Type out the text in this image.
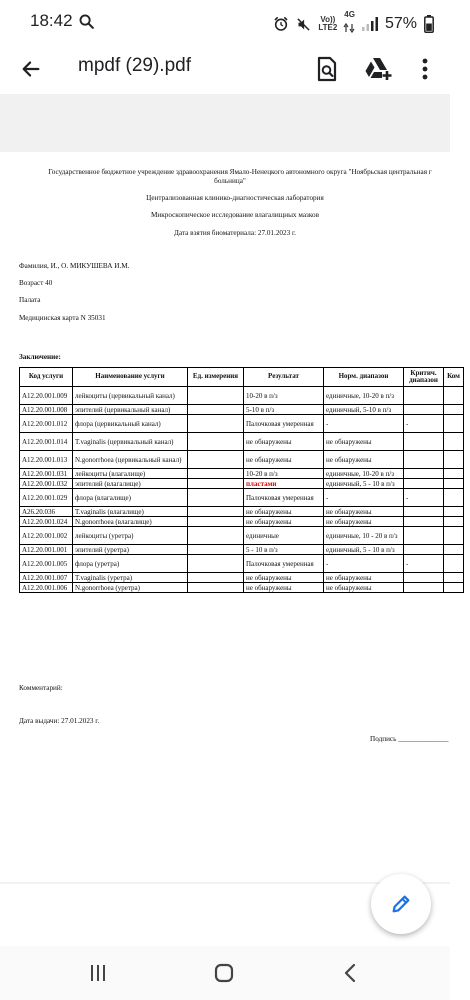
18:42	Vo))
LTE2
4G
57%
mpdf (29).pdf
Государственное бюджетное учреждение здравоохранения Ямало-Ненецкого автономного округа "Ноябрьская центральная г
больница"
Централизованная клинико-диагностическая лаборатория
Микроскопическое исследование влагалищных мазков
Дата взятия биоматериала: 27.01.2023 г.
Фамилия, И., О. МИКУШЕВА И.М.
Возраст 40
Палата
Медицинская карта N 35031
Заключение:
Код услуги	Наименование услуги	Ед. измерения	Результат	Норм. диапазон	Критич. диапазон	Ком
A12.20.001.009	лейкоциты (цервикальный канал)		10-20 в п/з	единичные, 10-20 в п/з		
A12.20.001.008	эпителий (цервикальный канал)		5-10 в п/з	единичный, 5-10 в п/з		
A12.20.001.012	флора (цервикальный канал)		Палочковая умеренная	-	-	
A12.20.001.014	T.vaginalis (цервикальный канал)		не обнаружены	не обнаружены		
A12.20.001.013	N.gonorrhoea (цервикальный канал)		не обнаружены	не обнаружены		
A12.20.001.031	лейкоциты (влагалище)		10-20 в п/з	единичные, 10-20 в п/з		
A12.20.001.032	эпителий (влагалище)		пластами	единичный, 5 - 10 в п/з		
A12.20.001.029	флора (влагалище)		Палочковая умеренная	-	-	
A26.20.036	T.vaginalis (влагалище)		не обнаружены	не обнаружены		
A12.20.001.024	N.gonorrhoea (влагалище)		не обнаружены	не обнаружены		
A12.20.001.002	лейкоциты (уретра)		единичные	единичные, 10 - 20 в п/з		
A12.20.001.001	эпителий (уретра)		5 - 10 в п/з	единичный, 5 - 10 в п/з		
A12.20.001.005	флора (уретра)		Палочковая умеренная	-	-	
A12.20.001.007	T.vaginalis (уретра)		не обнаружены	не обнаружены		
A12.20.001.006	N.gonorrhoea (уретра)		не обнаружены	не обнаружены		
Комментарий:
Дата выдачи: 27.01.2023 г.
Подпись ______________
